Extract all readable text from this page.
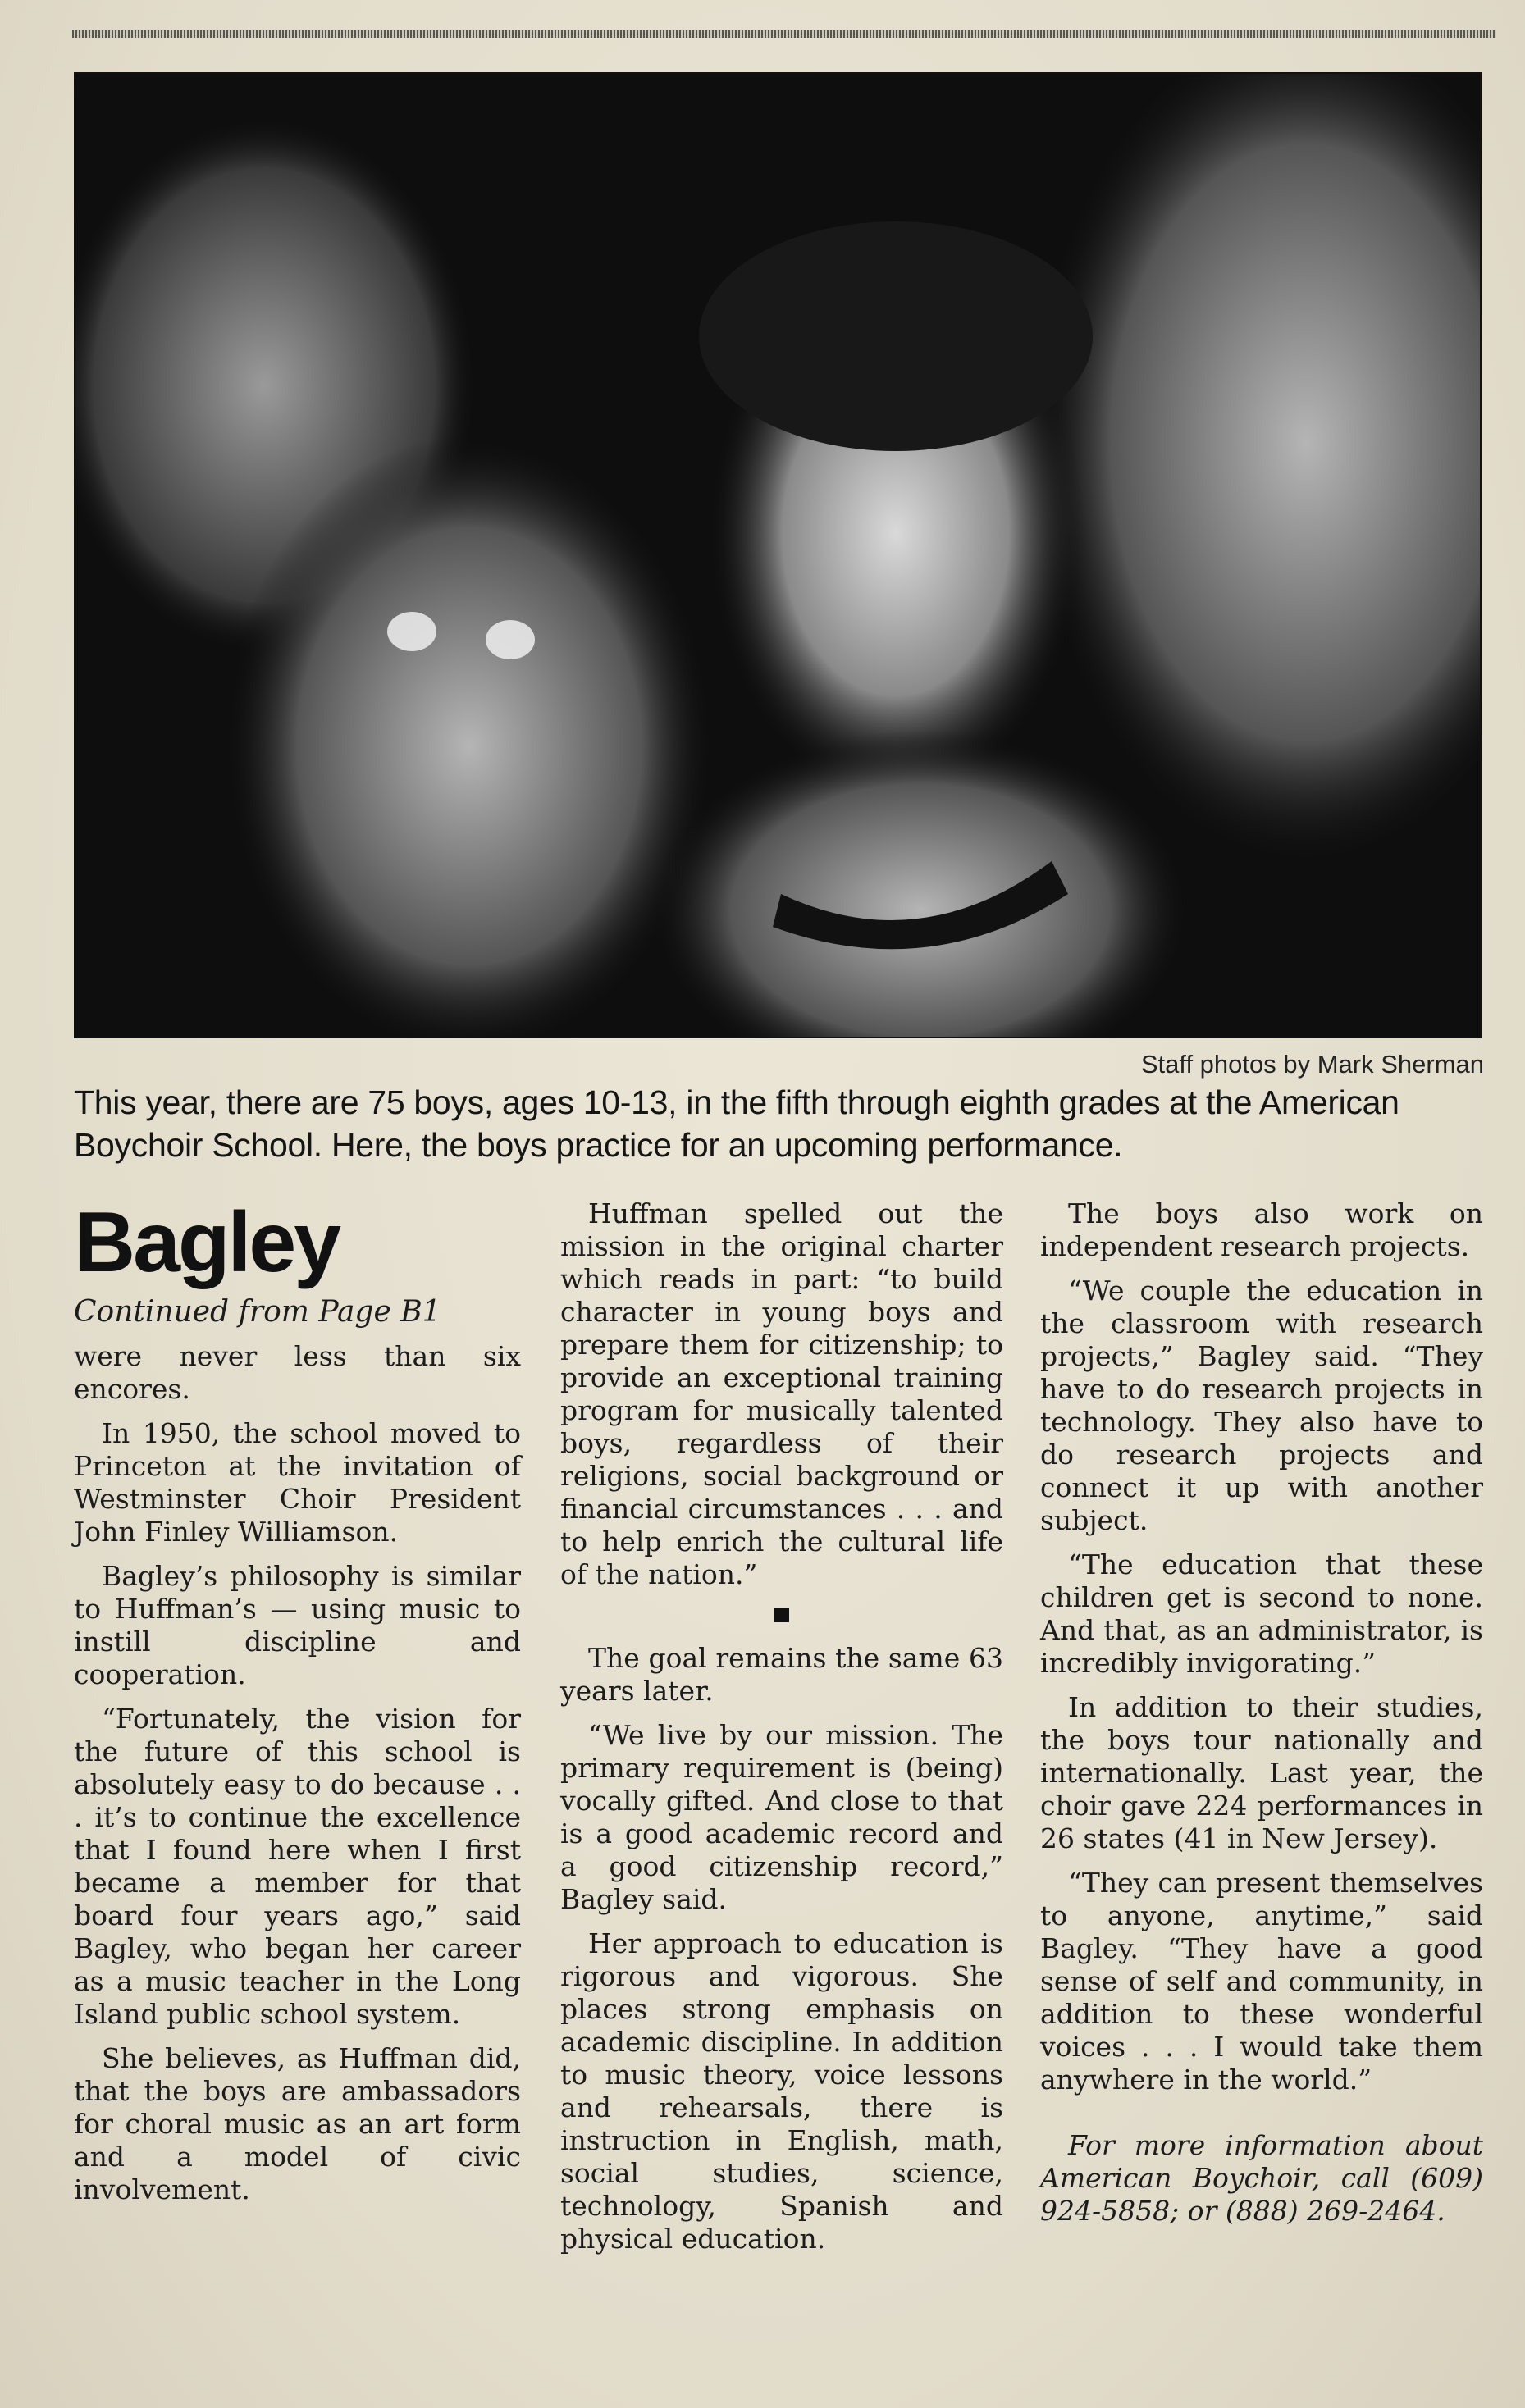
Staff photos by Mark Sherman
This year, there are 75 boys, ages 10-13, in the fifth through eighth grades at the American Boychoir School. Here, the boys practice for an upcoming performance.
Bagley

Continued from Page B1

were never less than six encores.

In 1950, the school moved to Princeton at the invitation of Westminster Choir President John Finley Williamson.

Bagley’s philosophy is similar to Huffman’s — using music to instill discipline and cooperation.

“Fortunately, the vision for the future of this school is absolutely easy to do because . . . it’s to continue the excellence that I found here when I first became a member for that board four years ago,” said Bagley, who began her career as a music teacher in the Long Island public school system.

She believes, as Huffman did, that the boys are ambassadors for choral music as an art form and a model of civic involvement.

Huffman spelled out the mission in the original charter which reads in part: “to build character in young boys and prepare them for citizenship; to provide an exceptional training program for musically talented boys, regardless of their religions, social background or financial circumstances . . . and to help enrich the cultural life of the nation.”

The goal remains the same 63 years later.

“We live by our mission. The primary requirement is (being) vocally gifted. And close to that is a good academic record and a good citizenship record,” Bagley said.

Her approach to education is rigorous and vigorous. She places strong emphasis on academic discipline. In addition to music theory, voice lessons and rehearsals, there is instruction in English, math, social studies, science, technology, Spanish and physical education.

The boys also work on independent research projects.

“We couple the education in the classroom with research projects,” Bagley said. “They have to do research projects in technology. They also have to do research projects and connect it up with another subject.

“The education that these children get is second to none. And that, as an administrator, is incredibly invigorating.”

In addition to their studies, the boys tour nationally and internationally. Last year, the choir gave 224 performances in 26 states (41 in New Jersey).

“They can present themselves to anyone, anytime,” said Bagley. “They have a good sense of self and community, in addition to these wonderful voices . . . I would take them anywhere in the world.”

For more information about American Boychoir, call (609) 924-5858; or (888) 269-2464.
